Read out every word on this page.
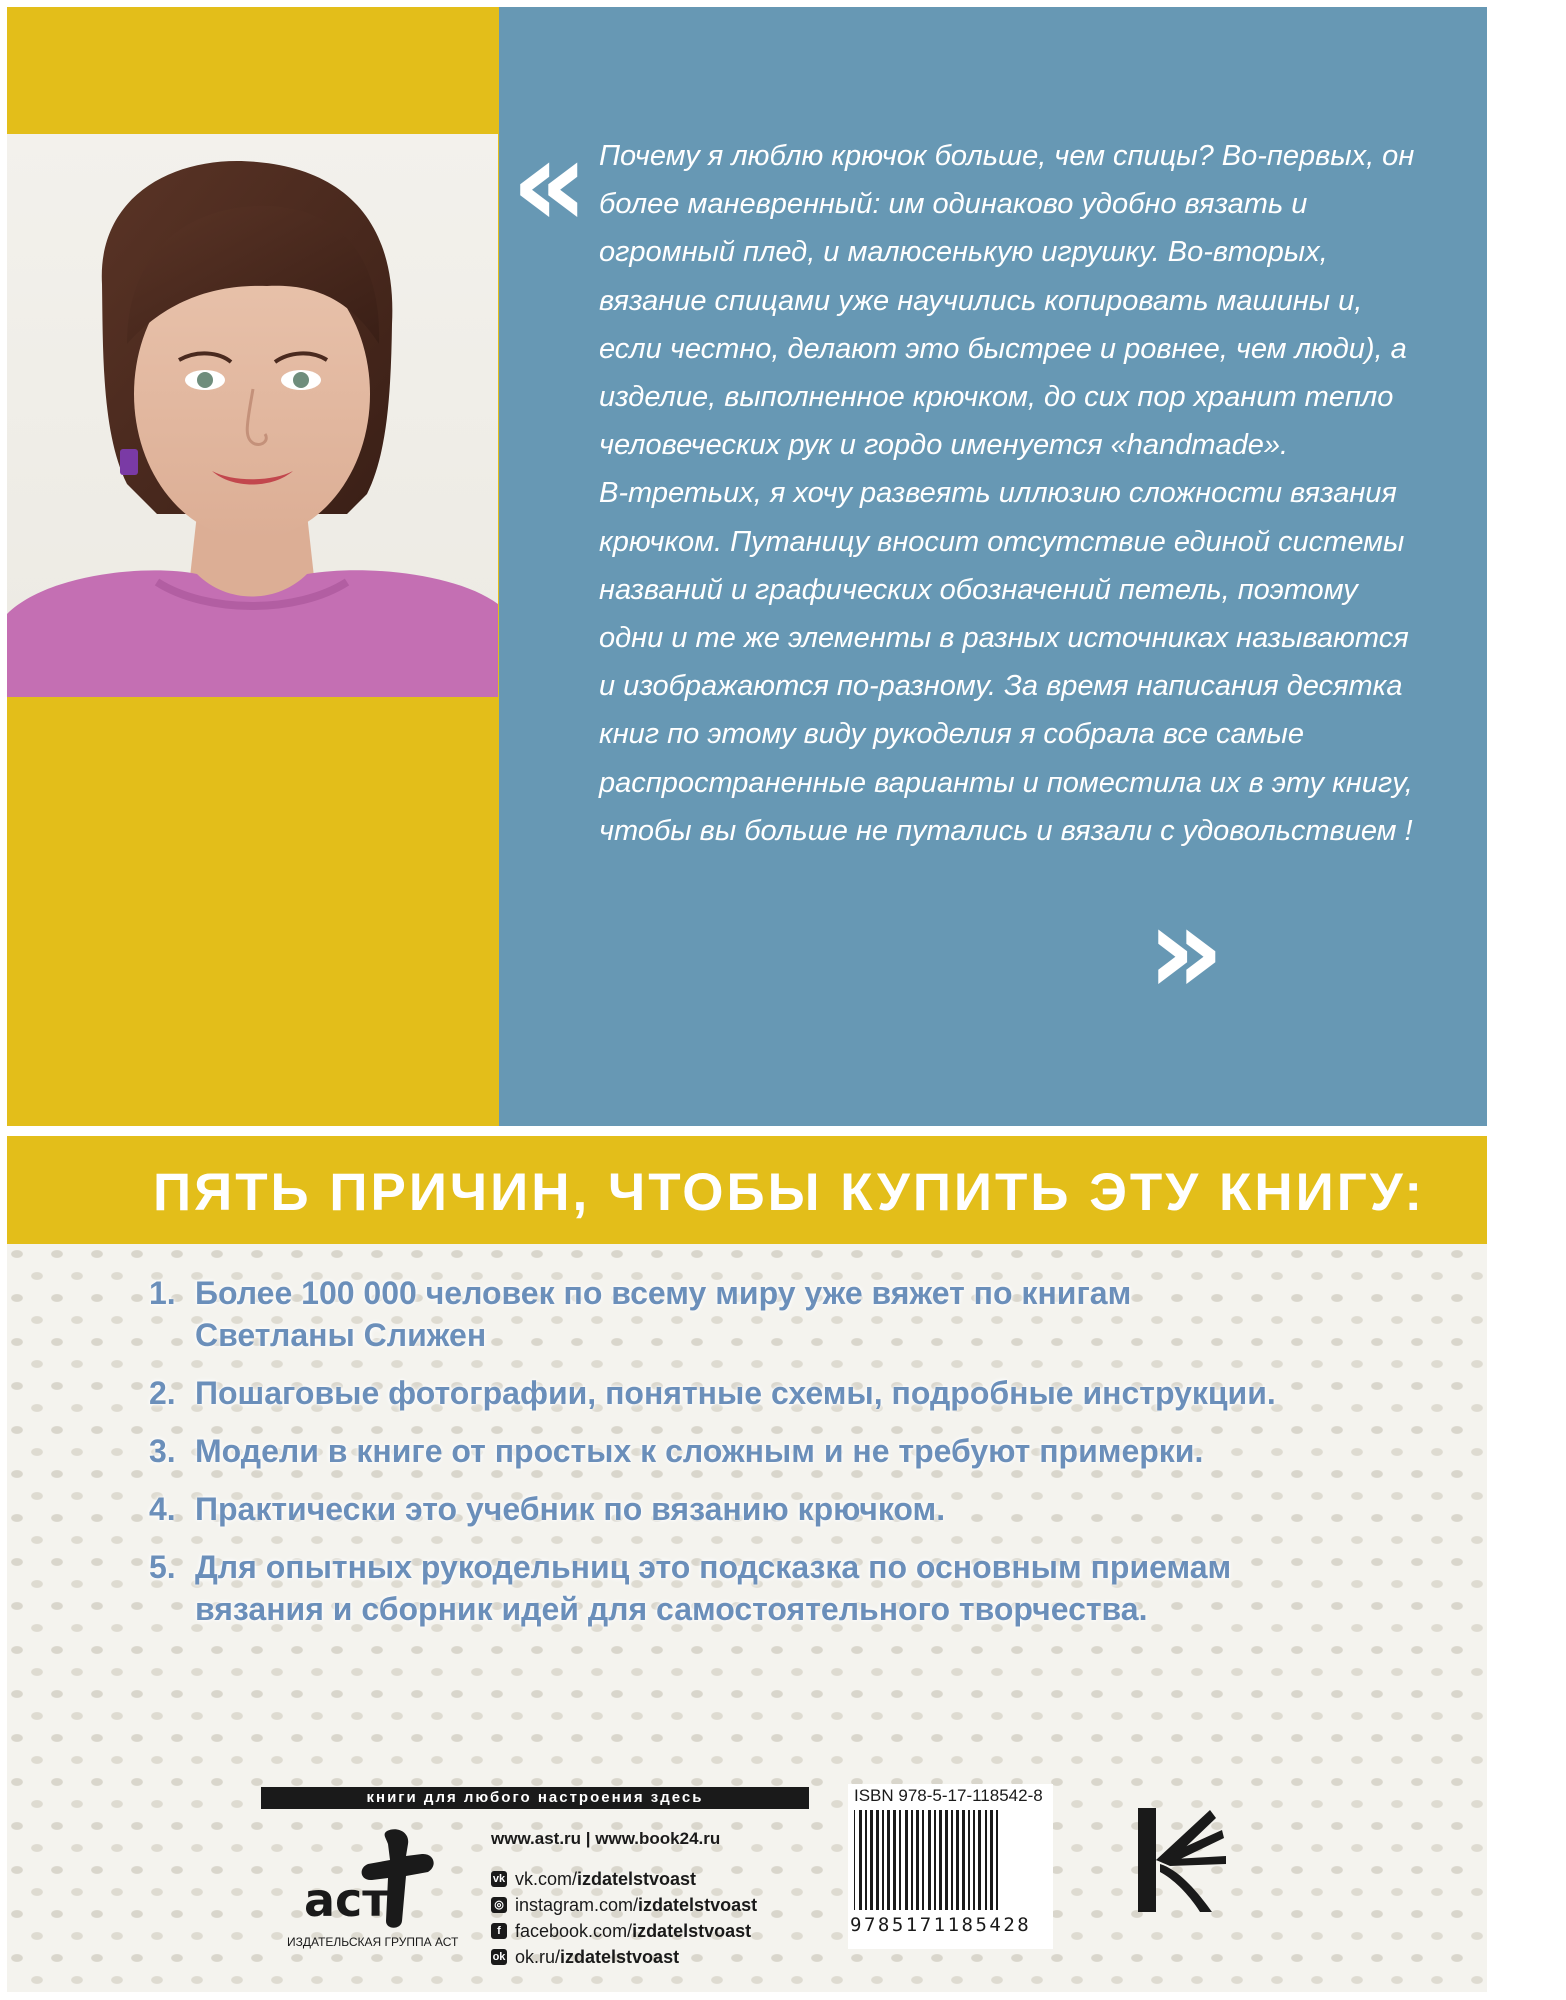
« Почему я люблю крючок больше, чем спицы? Во-первых, он более маневренный: им одинаково удобно вязать и огромный плед, и малюсенькую игрушку. Во-вторых, вязание спицами уже научились копировать машины и, если честно, делают это быстрее и ровнее, чем люди), а изделие, выполненное крючком, до сих пор хранит тепло человеческих рук и гордо именуется «handmade».

В-третьих, я хочу развеять иллюзию сложности вязания крючком. Путаницу вносит отсутствие единой системы названий и графических обозначений петель, поэтому одни и те же элементы в разных источниках называются и изображаются по-разному. За время написания десятка книг по этому виду рукоделия я собрала все самые распространенные варианты и поместила их в эту книгу, чтобы вы больше не путались и вязали с удовольствием !

»
ПЯТЬ ПРИЧИН, ЧТОБЫ КУПИТЬ ЭТУ КНИГУ:
1. Более 100 000 человек по всему миру уже вяжет по книгам Светланы Слижен
2. Пошаговые фотографии, понятные схемы, подробные инструкции.
3. Модели в книге от простых к сложным и не требуют примерки.
4. Практически это учебник по вязанию крючком.
5. Для опытных рукодельниц это подсказка по основным приемам вязания и сборник идей для самостоятельного творчества.
книги для любого настроения здесь
аст
ИЗДАТЕЛЬСКАЯ ГРУППА АСТ
www.ast.ru | www.book24.ru
vk vk.com/ izdatelstvoast
◎ instagram.com/ izdatelstvoast
f facebook.com/ izdatelstvoast
ok ok.ru/ izdatelstvoast
ISBN 978-5-17-118542-8
9785171185428
